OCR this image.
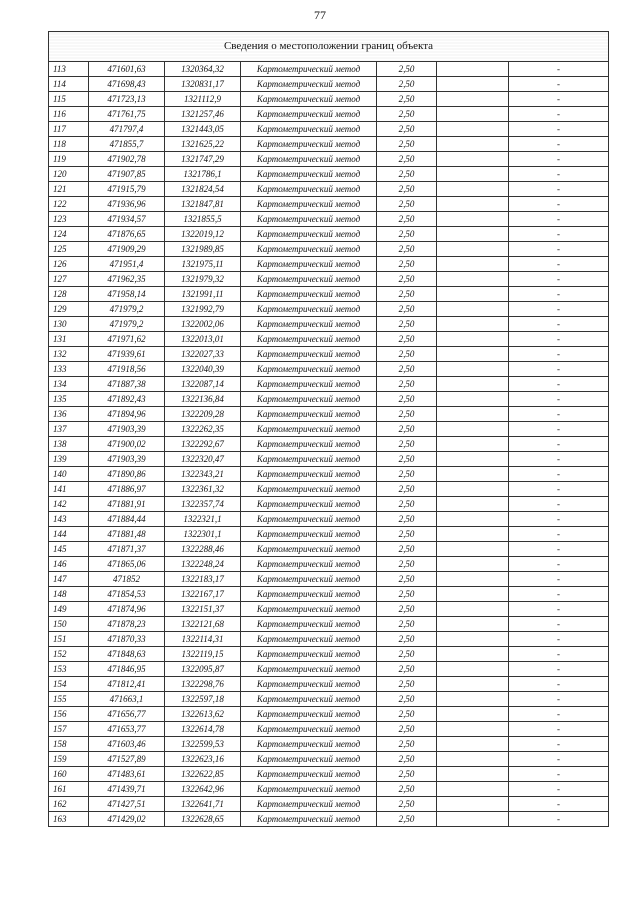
77
Сведения о местоположении границ объекта						
113	471601,63	1320364,32	Картометрический метод	2,50		-
114	471698,43	1320831,17	Картометрический метод	2,50		-
115	471723,13	1321112,9	Картометрический метод	2,50		-
116	471761,75	1321257,46	Картометрический метод	2,50		-
117	471797,4	1321443,05	Картометрический метод	2,50		-
118	471855,7	1321625,22	Картометрический метод	2,50		-
119	471902,78	1321747,29	Картометрический метод	2,50		-
120	471907,85	1321786,1	Картометрический метод	2,50		-
121	471915,79	1321824,54	Картометрический метод	2,50		-
122	471936,96	1321847,81	Картометрический метод	2,50		-
123	471934,57	1321855,5	Картометрический метод	2,50		-
124	471876,65	1322019,12	Картометрический метод	2,50		-
125	471909,29	1321989,85	Картометрический метод	2,50		-
126	471951,4	1321975,11	Картометрический метод	2,50		-
127	471962,35	1321979,32	Картометрический метод	2,50		-
128	471958,14	1321991,11	Картометрический метод	2,50		-
129	471979,2	1321992,79	Картометрический метод	2,50		-
130	471979,2	1322002,06	Картометрический метод	2,50		-
131	471971,62	1322013,01	Картометрический метод	2,50		-
132	471939,61	1322027,33	Картометрический метод	2,50		-
133	471918,56	1322040,39	Картометрический метод	2,50		-
134	471887,38	1322087,14	Картометрический метод	2,50		-
135	471892,43	1322136,84	Картометрический метод	2,50		-
136	471894,96	1322209,28	Картометрический метод	2,50		-
137	471903,39	1322262,35	Картометрический метод	2,50		-
138	471900,02	1322292,67	Картометрический метод	2,50		-
139	471903,39	1322320,47	Картометрический метод	2,50		-
140	471890,86	1322343,21	Картометрический метод	2,50		-
141	471886,97	1322361,32	Картометрический метод	2,50		-
142	471881,91	1322357,74	Картометрический метод	2,50		-
143	471884,44	1322321,1	Картометрический метод	2,50		-
144	471881,48	1322301,1	Картометрический метод	2,50		-
145	471871,37	1322288,46	Картометрический метод	2,50		-
146	471865,06	1322248,24	Картометрический метод	2,50		-
147	471852	1322183,17	Картометрический метод	2,50		-
148	471854,53	1322167,17	Картометрический метод	2,50		-
149	471874,96	1322151,37	Картометрический метод	2,50		-
150	471878,23	1322121,68	Картометрический метод	2,50		-
151	471870,33	1322114,31	Картометрический метод	2,50		-
152	471848,63	1322119,15	Картометрический метод	2,50		-
153	471846,95	1322095,87	Картометрический метод	2,50		-
154	471812,41	1322298,76	Картометрический метод	2,50		-
155	471663,1	1322597,18	Картометрический метод	2,50		-
156	471656,77	1322613,62	Картометрический метод	2,50		-
157	471653,77	1322614,78	Картометрический метод	2,50		-
158	471603,46	1322599,53	Картометрический метод	2,50		-
159	471527,89	1322623,16	Картометрический метод	2,50		-
160	471483,61	1322622,85	Картометрический метод	2,50		-
161	471439,71	1322642,96	Картометрический метод	2,50		-
162	471427,51	1322641,71	Картометрический метод	2,50		-
163	471429,02	1322628,65	Картометрический метод	2,50		-
